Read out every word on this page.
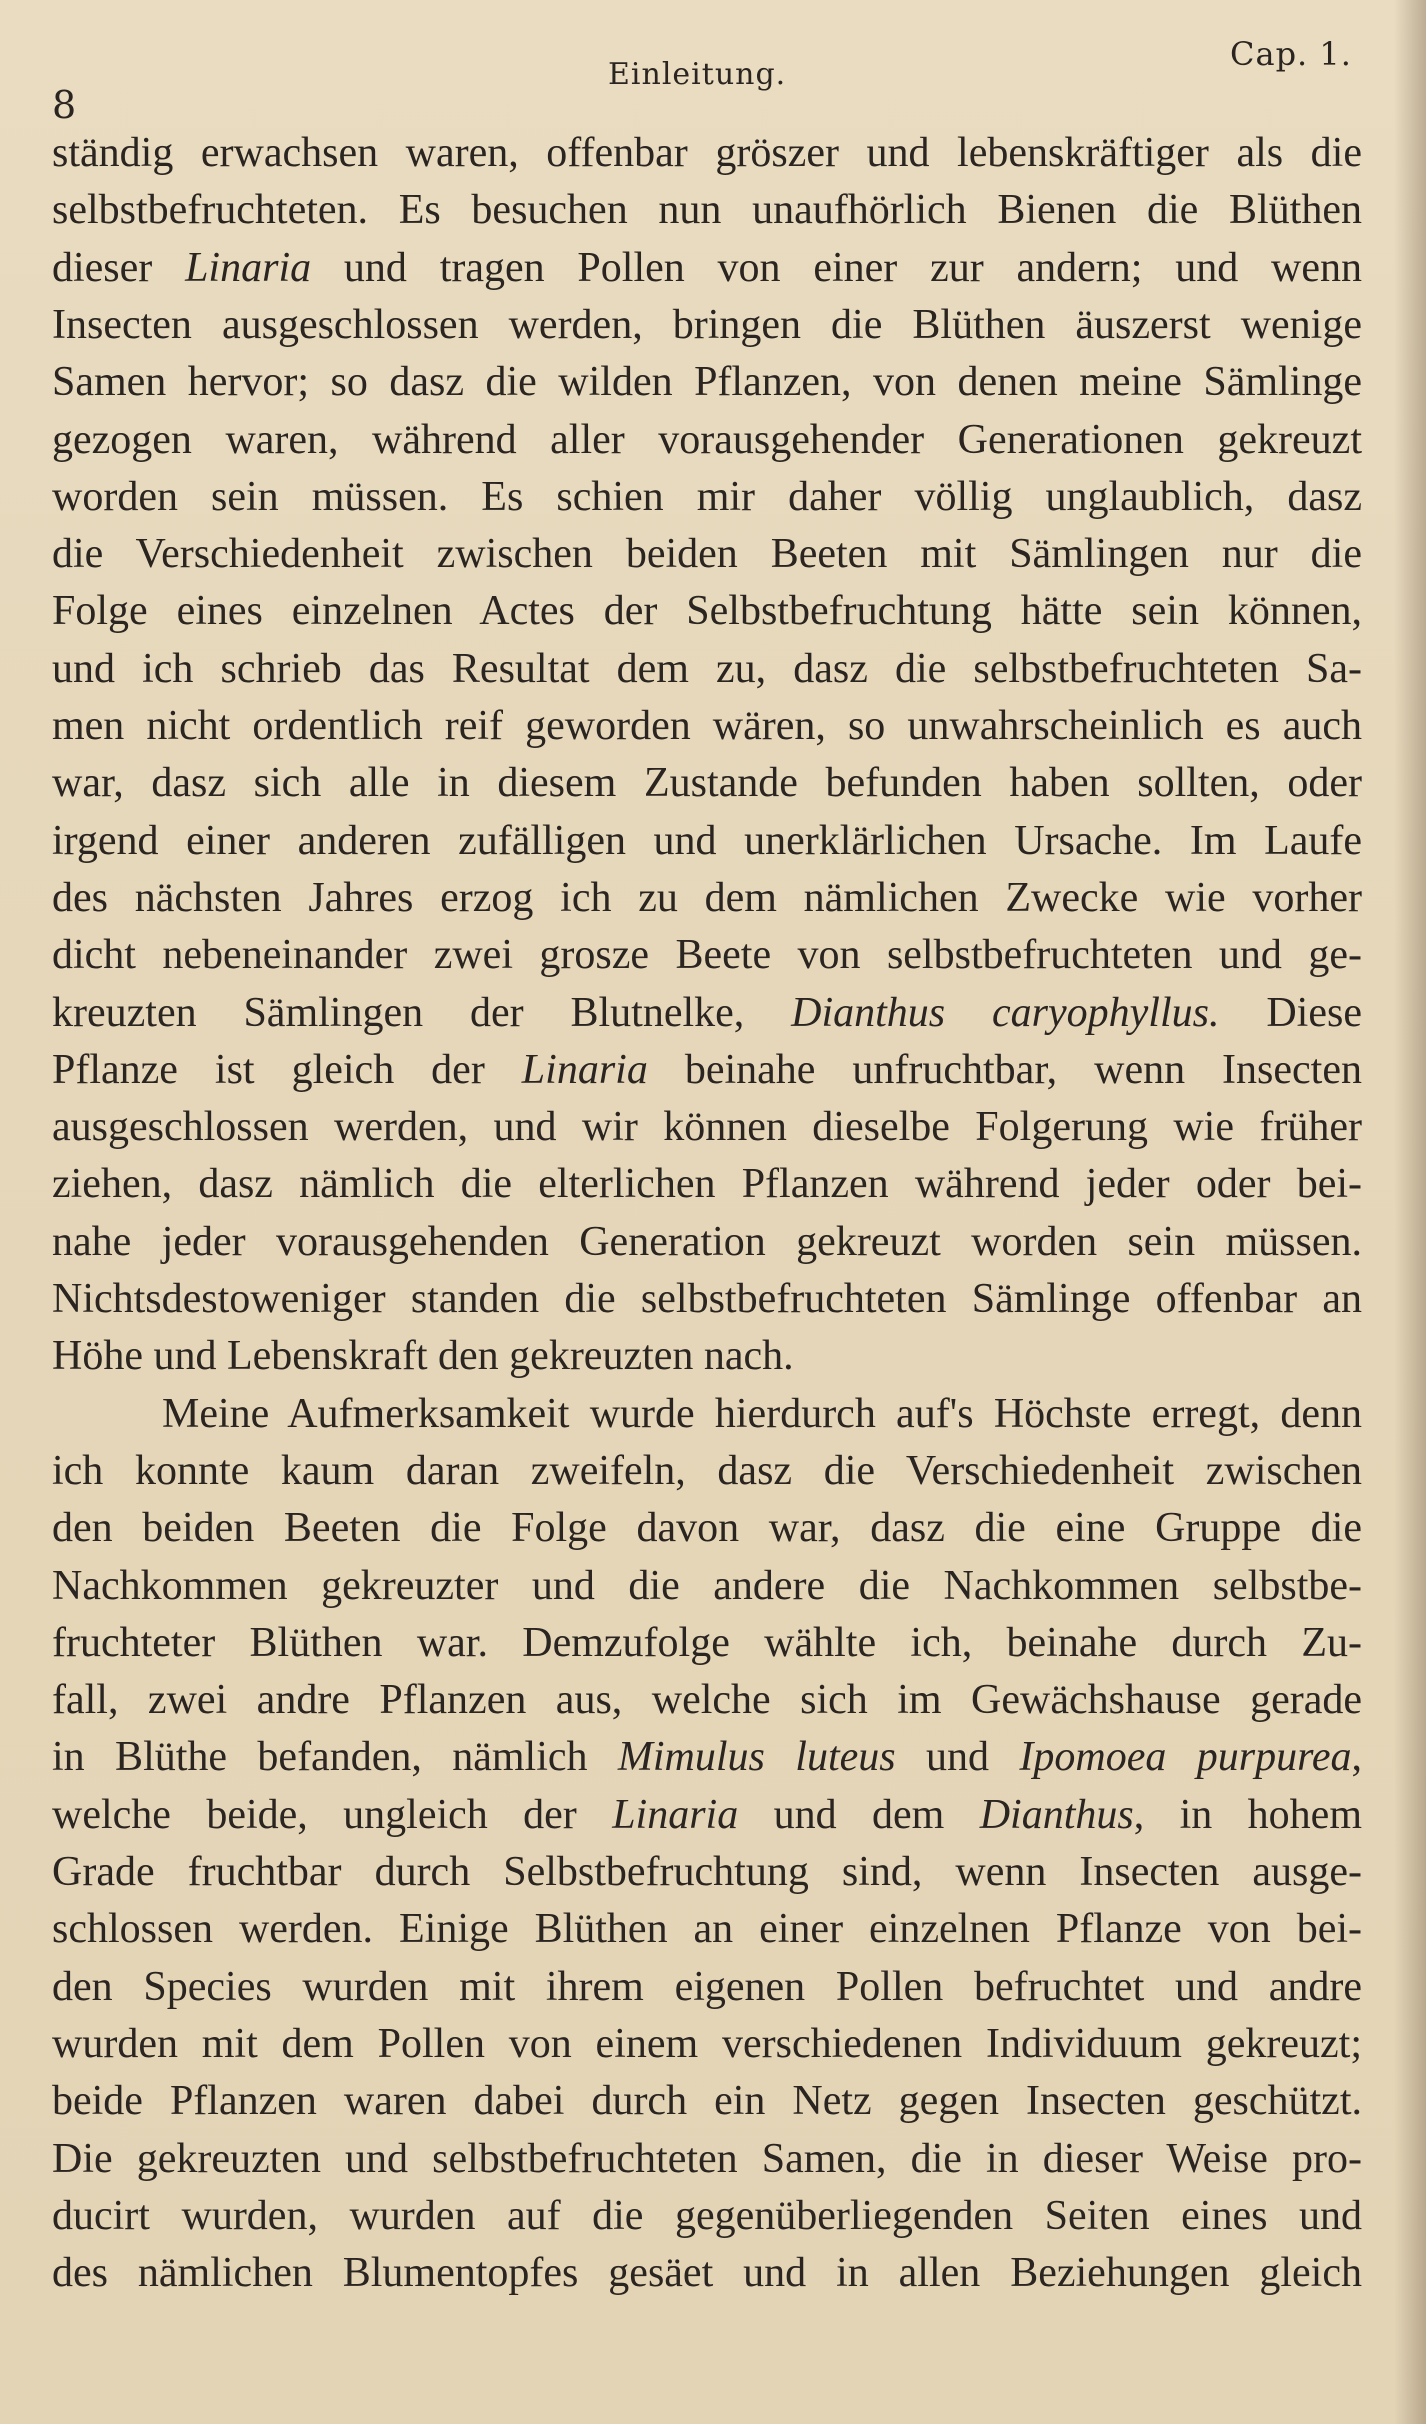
8
Einleitung.
Cap. 1.
ständig erwachsen waren, offenbar gröszer und lebenskräftiger als die
selbstbefruchteten. Es besuchen nun unaufhörlich Bienen die Blüthen
dieser Linaria und tragen Pollen von einer zur andern; und wenn
Insecten ausgeschlossen werden, bringen die Blüthen äuszerst wenige
Samen hervor; so dasz die wilden Pflanzen, von denen meine Sämlinge
gezogen waren, während aller vorausgehender Generationen gekreuzt
worden sein müssen. Es schien mir daher völlig unglaublich, dasz
die Verschiedenheit zwischen beiden Beeten mit Sämlingen nur die
Folge eines einzelnen Actes der Selbstbefruchtung hätte sein können,
und ich schrieb das Resultat dem zu, dasz die selbstbefruchteten Sa-
men nicht ordentlich reif geworden wären, so unwahrscheinlich es auch
war, dasz sich alle in diesem Zustande befunden haben sollten, oder
irgend einer anderen zufälligen und unerklärlichen Ursache. Im Laufe
des nächsten Jahres erzog ich zu dem nämlichen Zwecke wie vorher
dicht nebeneinander zwei grosze Beete von selbstbefruchteten und ge-
kreuzten Sämlingen der Blutnelke, Dianthus caryophyllus. Diese
Pflanze ist gleich der Linaria beinahe unfruchtbar, wenn Insecten
ausgeschlossen werden, und wir können dieselbe Folgerung wie früher
ziehen, dasz nämlich die elterlichen Pflanzen während jeder oder bei-
nahe jeder vorausgehenden Generation gekreuzt worden sein müssen.
Nichtsdestoweniger standen die selbstbefruchteten Sämlinge offenbar an
Höhe und Lebenskraft den gekreuzten nach.
Meine Aufmerksamkeit wurde hierdurch auf's Höchste erregt, denn
ich konnte kaum daran zweifeln, dasz die Verschiedenheit zwischen
den beiden Beeten die Folge davon war, dasz die eine Gruppe die
Nachkommen gekreuzter und die andere die Nachkommen selbstbe-
fruchteter Blüthen war. Demzufolge wählte ich, beinahe durch Zu-
fall, zwei andre Pflanzen aus, welche sich im Gewächshause gerade
in Blüthe befanden, nämlich Mimulus luteus und Ipomoea purpurea,
welche beide, ungleich der Linaria und dem Dianthus, in hohem
Grade fruchtbar durch Selbstbefruchtung sind, wenn Insecten ausge-
schlossen werden. Einige Blüthen an einer einzelnen Pflanze von bei-
den Species wurden mit ihrem eigenen Pollen befruchtet und andre
wurden mit dem Pollen von einem verschiedenen Individuum gekreuzt;
beide Pflanzen waren dabei durch ein Netz gegen Insecten geschützt.
Die gekreuzten und selbstbefruchteten Samen, die in dieser Weise pro-
ducirt wurden, wurden auf die gegenüberliegenden Seiten eines und
des nämlichen Blumentopfes gesäet und in allen Beziehungen gleich
